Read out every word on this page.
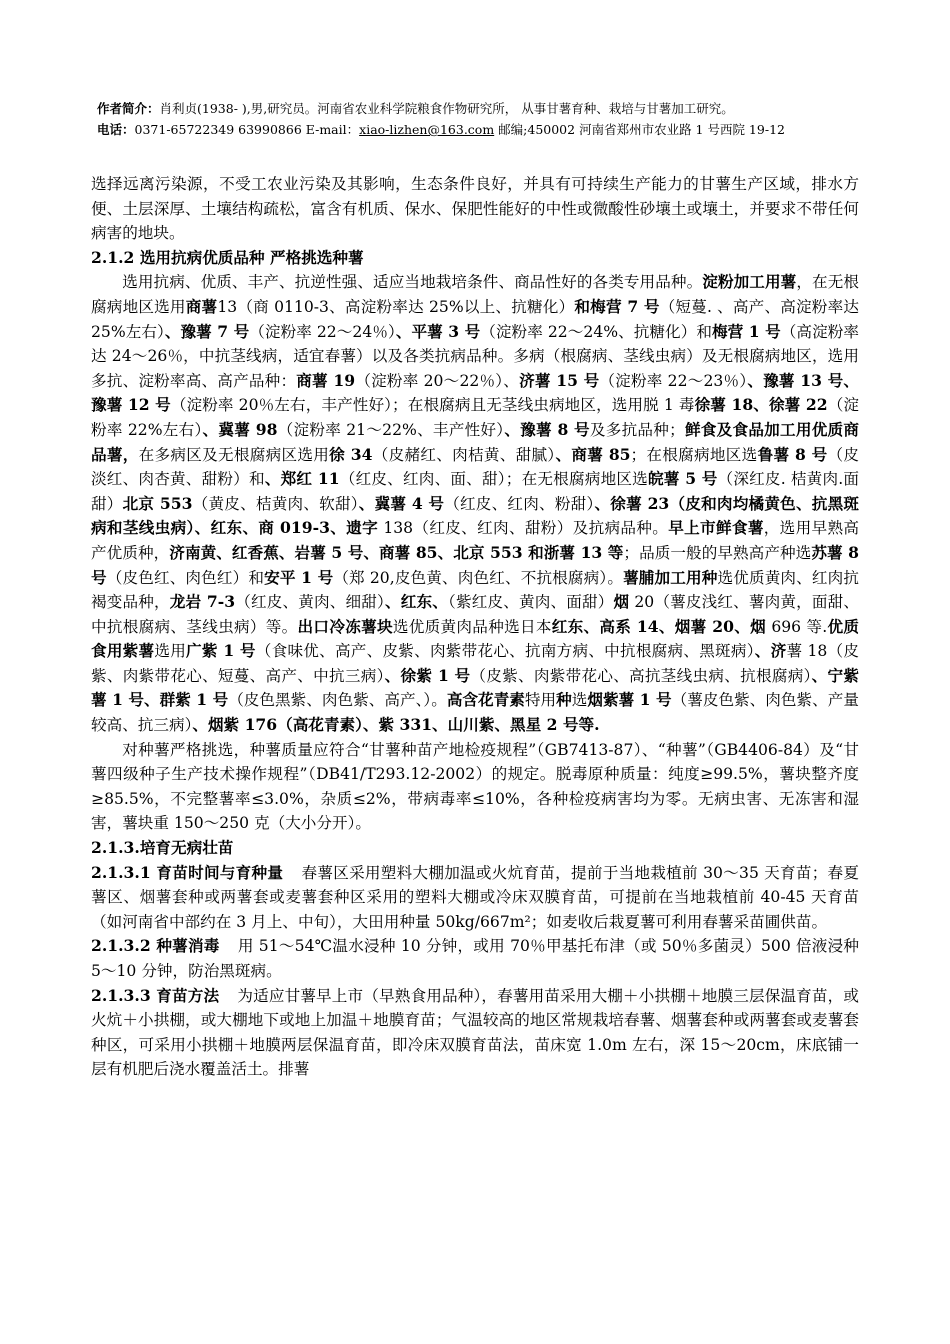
作者简介：肖利贞(1938- ),男,研究员。河南省农业科学院粮食作物研究所， 从事甘薯育种、栽培与甘薯加工研究。
电话：0371-65722349 63990866 E-mail：xiao-lizhen@163.com 邮编;450002 河南省郑州市农业路 1 号西院 19-12

选择远离污染源，不受工农业污染及其影响，生态条件良好，并具有可持续生产能力的甘薯生产区域，排水方便、土层深厚、土壤结构疏松，富含有机质、保水、保肥性能好的中性或微酸性砂壤土或壤土，并要求不带任何病害的地块。

2.1.2 选用抗病优质品种 严格挑选种薯

选用抗病、优质、丰产、抗逆性强、适应当地栽培条件、商品性好的各类专用品种。淀粉加工用薯，在无根腐病地区选用商薯13（商 0110-3、高淀粉率达 25%以上、抗糖化）和梅营 7 号（短蔓. 、高产、高淀粉率达 25%左右）、豫薯 7 号（淀粉率 22～24％）、平薯 3 号（淀粉率 22～24%、抗糖化）和梅营 1 号（高淀粉率达 24～26％，中抗茎线病，适宜春薯）以及各类抗病品种。多病（根腐病、茎线虫病）及无根腐病地区，选用多抗、淀粉率高、高产品种：商薯 19（淀粉率 20～22％）、济薯 15 号（淀粉率 22～23％）、豫薯 13 号、豫薯 12 号（淀粉率 20％左右，丰产性好）；在根腐病且无茎线虫病地区，选用脱 1 毒徐薯 18、徐薯 22（淀粉率 22%左右）、冀薯 98（淀粉率 21～22%、丰产性好）、豫薯 8 号及多抗品种；鲜食及食品加工用优质商品薯，在多病区及无根腐病区选用徐 34（皮赭红、肉桔黄、甜腻）、商薯 85；在根腐病地区选鲁薯 8 号（皮淡红、肉杏黄、甜粉）和、郑红 11（红皮、红肉、面、甜）；在无根腐病地区选皖薯 5 号（深红皮. 桔黄肉.面甜）北京 553（黄皮、桔黄肉、软甜）、冀薯 4 号（红皮、红肉、粉甜）、徐薯 23（皮和肉均橘黄色、抗黑斑病和茎线虫病）、红东、商 019-3、遗字 138（红皮、红肉、甜粉）及抗病品种。早上市鲜食薯，选用早熟高产优质种，济南黄、红香蕉、岩薯 5 号、商薯 85、北京 553 和浙薯 13 等；品质一般的早熟高产种选苏薯 8 号（皮色红、肉色红）和安平 1 号（郑 20,皮色黄、肉色红、不抗根腐病）。薯脯加工用种选优质黄肉、红肉抗褐变品种，龙岩 7-3（红皮、黄肉、细甜）、红东、（紫红皮、黄肉、面甜）烟 20（薯皮浅红、薯肉黄，面甜、中抗根腐病、茎线虫病）等。出口冷冻薯块选优质黄肉品种选日本红东、高系 14、烟薯 20、烟 696 等.优质食用紫薯选用广紫 1 号（食味优、高产、皮紫、肉紫带花心、抗南方病、中抗根腐病、黑斑病）、济薯 18（皮紫、肉紫带花心、短蔓、高产、中抗三病）、徐紫 1 号（皮紫、肉紫带花心、高抗茎线虫病、抗根腐病）、宁紫薯 1 号、群紫 1 号（皮色黑紫、肉色紫、高产、）。高含花青素特用种选烟紫薯 1 号（薯皮色紫、肉色紫、产量较高、抗三病）、烟紫 176（高花青素）、紫 331、山川紫、黑星 2 号等.

对种薯严格挑选，种薯质量应符合“甘薯种苗产地检疫规程”（GB7413-87）、“种薯”（GB4406-84）及“甘薯四级种子生产技术操作规程”（DB41/T293.12-2002）的规定。脱毒原种质量：纯度≥99.5%，薯块整齐度≥85.5%，不完整薯率≤3.0%，杂质≤2%，带病毒率≤10%，各种检疫病害均为零。无病虫害、无冻害和湿害，薯块重 150～250 克（大小分开）。

2.1.3.培育无病壮苗

2.1.3.1 育苗时间与育种量 春薯区采用塑料大棚加温或火炕育苗，提前于当地栽植前 30～35 天育苗；春夏薯区、烟薯套种或两薯套或麦薯套种区采用的塑料大棚或冷床双膜育苗，可提前在当地栽植前 40-45 天育苗（如河南省中部约在 3 月上、中旬），大田用种量 50kg/667m²；如麦收后栽夏薯可利用春薯采苗圃供苗。

2.1.3.2 种薯消毒 用 51～54℃温水浸种 10 分钟，或用 70％甲基托布津（或 50％多菌灵）500 倍液浸种 5～10 分钟，防治黑斑病。

2.1.3.3 育苗方法 为适应甘薯早上市（早熟食用品种），春薯用苗采用大棚＋小拱棚＋地膜三层保温育苗，或火炕＋小拱棚，或大棚地下或地上加温＋地膜育苗；气温较高的地区常规栽培春薯、烟薯套种或两薯套或麦薯套种区，可采用小拱棚＋地膜两层保温育苗，即冷床双膜育苗法，苗床宽 1.0m 左右，深 15～20cm，床底铺一层有机肥后浇水覆盖活土。排薯
